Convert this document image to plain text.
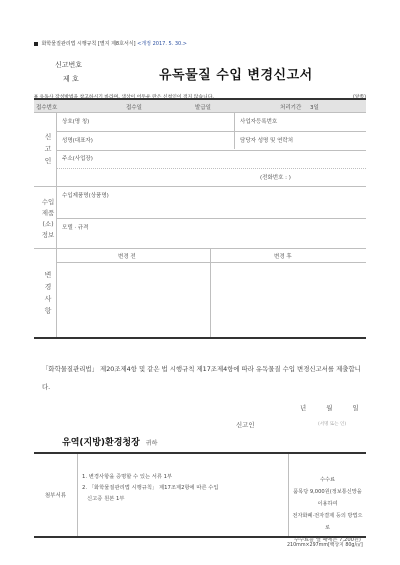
화학물질관리법 시행규칙 [별지 제8호서식] <개정 2017. 5. 30.>
신고번호
제 호	유독물질 수입 변경신고서
※ 유독사 작성방법을 참고하시기 바라며, 색상이 어두운 란은 신청인이 적지 않습니다.	(앞쪽)
접수번호	접수일	발급일	처리기간 3일
신
고
인
상호(명 칭)	사업자등록번호
성명(대표자)	담당자 성명 및 연락처
주소(사업장)
(전화번호 : )
수입
제품
(소)
정보
수입제품명(상품명)
모델 · 규격
변
경
사
항
변경 전	변경 후
「화학물질관리법」 제20조제4항 및 같은 법 시행규칙 제17조제4항에 따라 유독물질 수입 변경신고서를 제출합니다.
년	월	일
신고인	(서명 또는 인)
유역(지방)환경청장 귀하
첨부서류
1. 변경사항을 증명할 수 있는 서류 1부
2. 「화학물질관리법 시행규칙」 제17조제2항에 따른 수입
신고증 원본 1부
수수료
품목당 9,000원(정보통신망을 이용하여
전자화폐·전자결제 등의 방법으로
수수료를 낼 때에는 7,200원)
210mm×297mm[백상지 80g/㎡]
